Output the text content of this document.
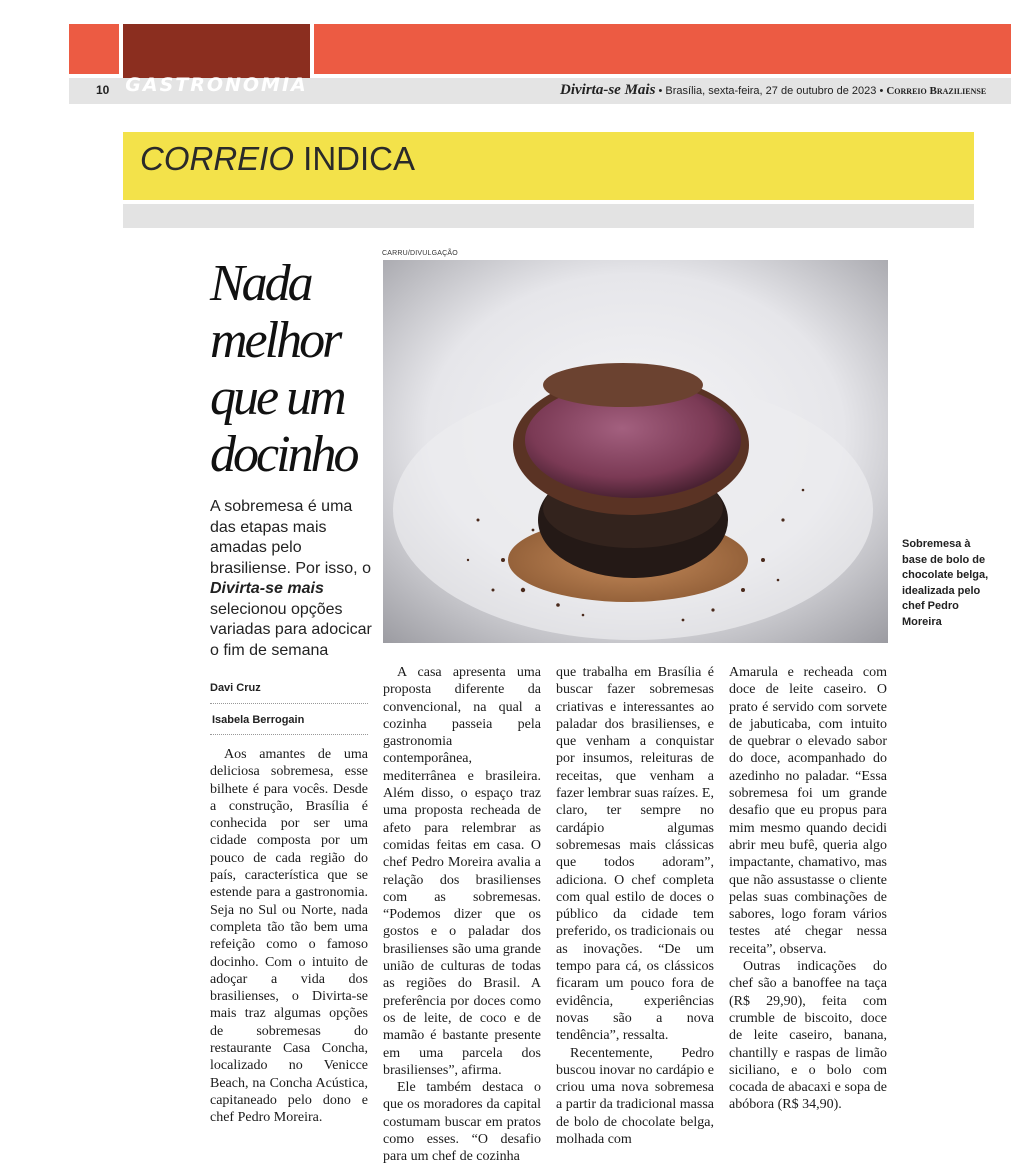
10 GASTRONOMIA	Divirta-se Mais • Brasília, sexta-feira, 27 de outubro de 2023 • Correio Braziliense
CORREIO INDICA
Nada
melhor
que um
docinho
A sobremesa é uma das etapas mais amadas pelo brasiliense. Por isso, o Divirta-se mais selecionou opções variadas para adocicar o fim de semana
Davi Cruz
Isabela Berrogain

Aos amantes de uma deliciosa sobremesa, esse bilhete é para vocês. Desde a construção, Brasília é conhecida por ser uma cidade composta por um pouco de cada região do país, característica que se estende para a gastronomia. Seja no Sul ou Norte, nada completa tão tão bem uma refeição como o famoso docinho. Com o intuito de adoçar a vida dos brasilienses, o Divirta-se mais traz algumas opções de sobremesas do restaurante Casa Concha, localizado no Venicce Beach, na Concha Acústica, capitaneado pelo dono e chef Pedro Moreira.

A casa apresenta uma proposta diferente da convencional, na qual a cozinha passeia pela gastronomia contemporânea, mediterrânea e brasileira. Além disso, o espaço traz uma proposta recheada de afeto para relembrar as comidas feitas em casa. O chef Pedro Moreira avalia a relação dos brasilienses com as sobremesas. “Podemos dizer que os gostos e o paladar dos brasilienses são uma grande união de culturas de todas as regiões do Brasil. A preferência por doces como os de leite, de coco e de mamão é bastante presente em uma parcela dos brasilienses”, afirma.

Ele também destaca o que os moradores da capital costumam buscar em pratos como esses. “O desafio para um chef de cozinha

que trabalha em Brasília é buscar fazer sobremesas criativas e interessantes ao paladar dos brasilienses, e que venham a conquistar por insumos, releituras de receitas, que venham a fazer lembrar suas raízes. E, claro, ter sempre no cardápio algumas sobremesas mais clássicas que todos adoram”, adiciona. O chef completa com qual estilo de doces o público da cidade tem preferido, os tradicionais ou as inovações. “De um tempo para cá, os clássicos ficaram um pouco fora de evidência, experiências novas são a nova tendência”, ressalta.

Recentemente, Pedro buscou inovar no cardápio e criou uma nova sobremesa a partir da tradicional massa de bolo de chocolate belga, molhada com

Amarula e recheada com doce de leite caseiro. O prato é servido com sorvete de jabuticaba, com intuito de quebrar o elevado sabor do doce, acompanhado do azedinho no paladar. “Essa sobremesa foi um grande desafio que eu propus para mim mesmo quando decidi abrir meu bufê, queria algo impactante, chamativo, mas que não assustasse o cliente pelas suas combinações de sabores, logo foram vários testes até chegar nessa receita”, observa.

Outras indicações do chef são a banoffee na taça (R$ 29,90), feita com crumble de biscoito, doce de leite caseiro, banana, chantilly e raspas de limão siciliano, e o bolo com cocada de abacaxi e sopa de abóbora (R$ 34,90).

CARRU/DIVULGAÇÃO
Sobremesa à base de bolo de chocolate belga, idealizada pelo chef Pedro Moreira
